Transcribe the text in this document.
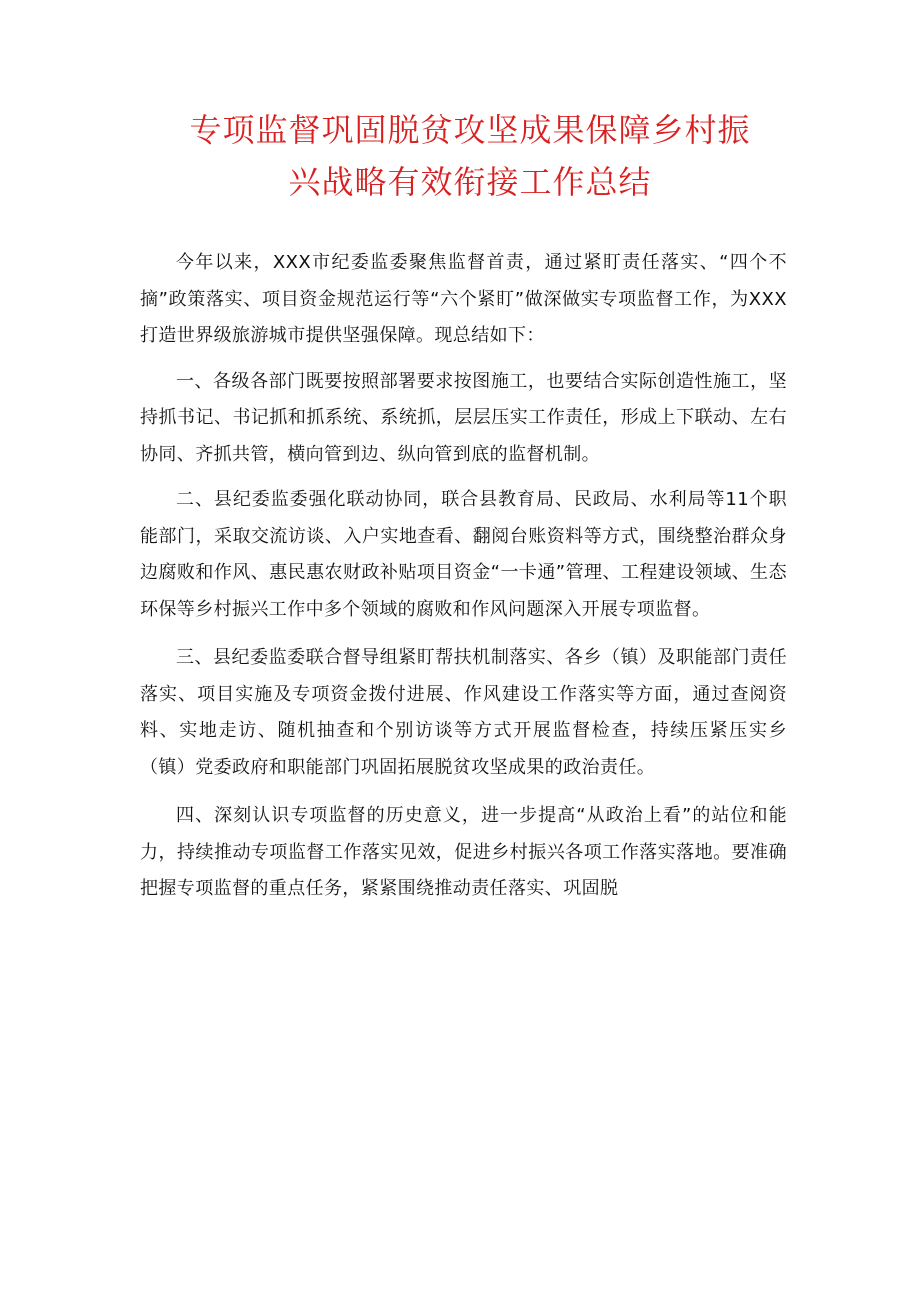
专项监督巩固脱贫攻坚成果保障乡村振
兴战略有效衔接工作总结

今年以来，XXX市纪委监委聚焦监督首责，通过紧盯责任落实、“四个不摘”政策落实、项目资金规范运行等“六个紧盯”做深做实专项监督工作，为XXX打造世界级旅游城市提供坚强保障。现总结如下：

一、各级各部门既要按照部署要求按图施工，也要结合实际创造性施工，坚持抓书记、书记抓和抓系统、系统抓，层层压实工作责任，形成上下联动、左右协同、齐抓共管，横向管到边、纵向管到底的监督机制。

二、县纪委监委强化联动协同，联合县教育局、民政局、水利局等11个职能部门，采取交流访谈、入户实地查看、翻阅台账资料等方式，围绕整治群众身边腐败和作风、惠民惠农财政补贴项目资金“一卡通”管理、工程建设领域、生态环保等乡村振兴工作中多个领域的腐败和作风问题深入开展专项监督。

三、县纪委监委联合督导组紧盯帮扶机制落实、各乡（镇）及职能部门责任落实、项目实施及专项资金拨付进展、作风建设工作落实等方面，通过查阅资料、实地走访、随机抽查和个别访谈等方式开展监督检查，持续压紧压实乡（镇）党委政府和职能部门巩固拓展脱贫攻坚成果的政治责任。

四、深刻认识专项监督的历史意义，进一步提高“从政治上看”的站位和能力，持续推动专项监督工作落实见效，促进乡村振兴各项工作落实落地。要准确把握专项监督的重点任务，紧紧围绕推动责任落实、巩固脱
